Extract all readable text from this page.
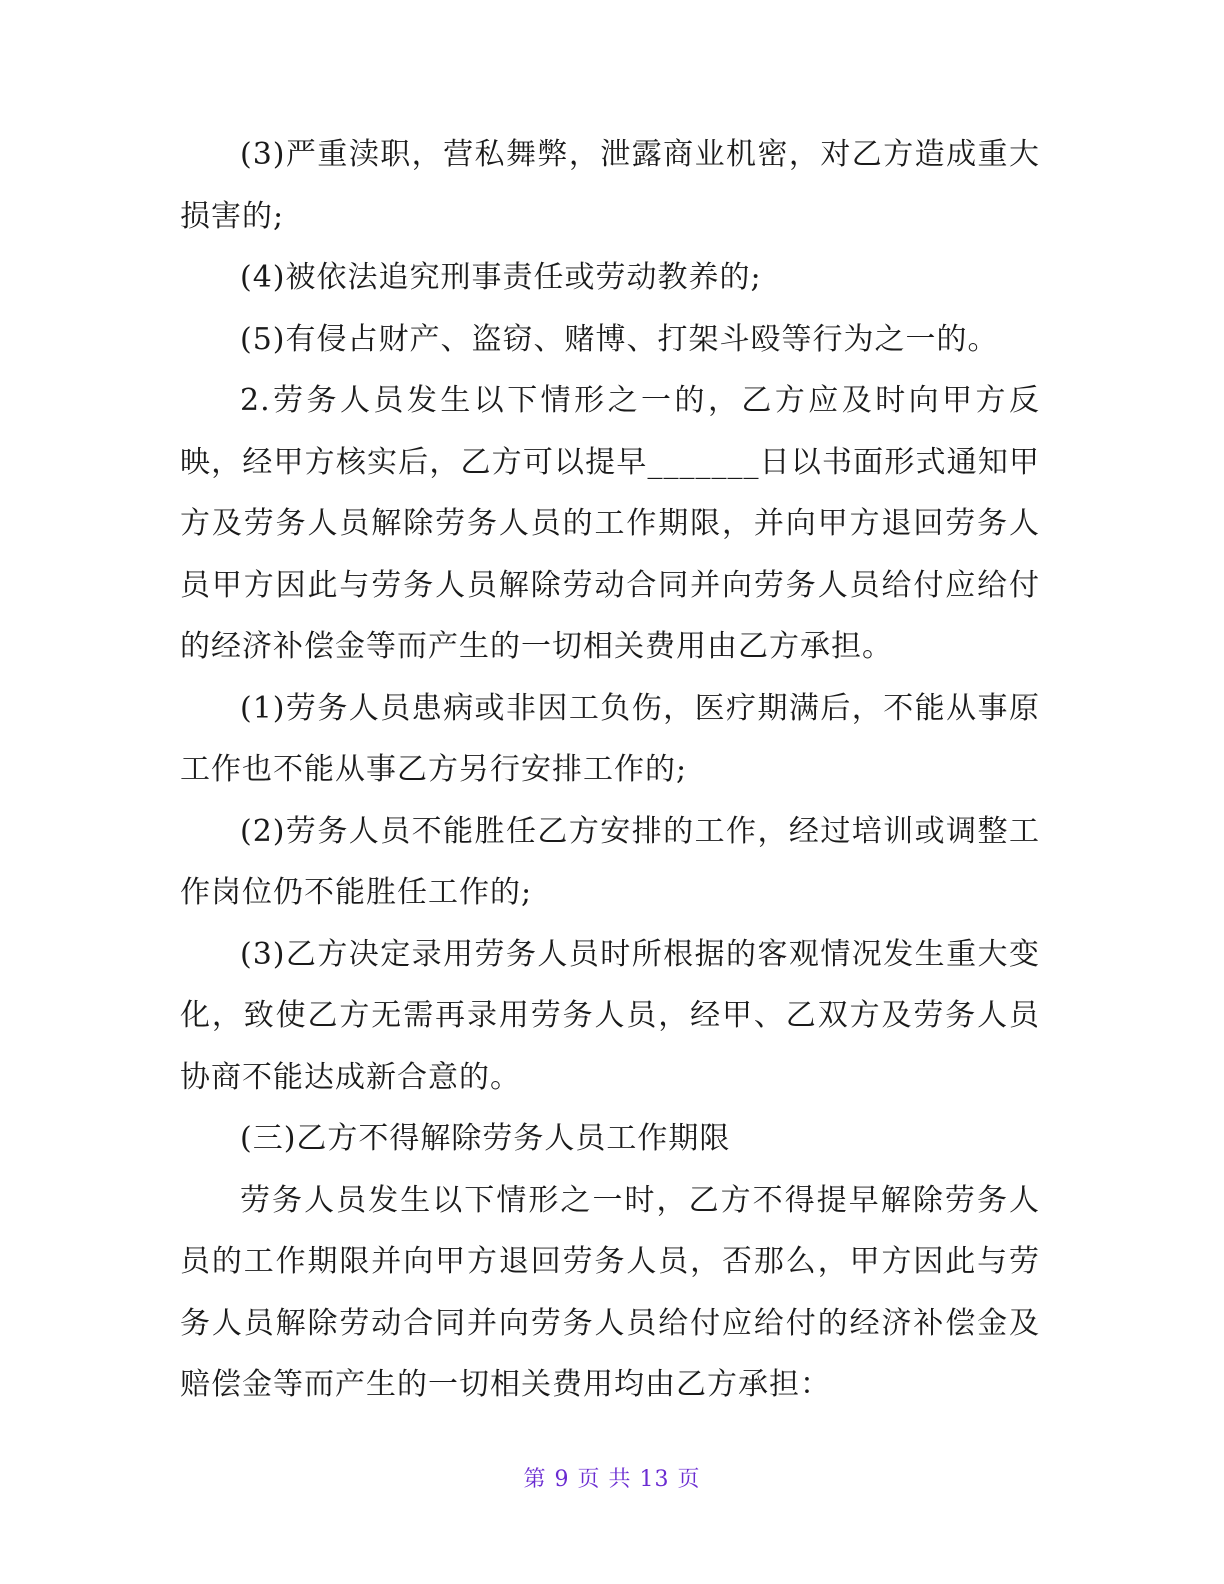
(3)严重渎职，营私舞弊，泄露商业机密，对乙方造成重大损害的;

(4)被依法追究刑事责任或劳动教养的;

(5)有侵占财产、盗窃、赌博、打架斗殴等行为之一的。

2.劳务人员发生以下情形之一的，乙方应及时向甲方反映，经甲方核实后，乙方可以提早_______日以书面形式通知甲方及劳务人员解除劳务人员的工作期限，并向甲方退回劳务人员甲方因此与劳务人员解除劳动合同并向劳务人员给付应给付的经济补偿金等而产生的一切相关费用由乙方承担。

(1)劳务人员患病或非因工负伤，医疗期满后，不能从事原工作也不能从事乙方另行安排工作的;

(2)劳务人员不能胜任乙方安排的工作，经过培训或调整工作岗位仍不能胜任工作的;

(3)乙方决定录用劳务人员时所根据的客观情况发生重大变化，致使乙方无需再录用劳务人员，经甲、乙双方及劳务人员协商不能达成新合意的。

(三)乙方不得解除劳务人员工作期限

劳务人员发生以下情形之一时，乙方不得提早解除劳务人员的工作期限并向甲方退回劳务人员，否那么，甲方因此与劳务人员解除劳动合同并向劳务人员给付应给付的经济补偿金及赔偿金等而产生的一切相关费用均由乙方承担：

第 9 页 共 13 页
